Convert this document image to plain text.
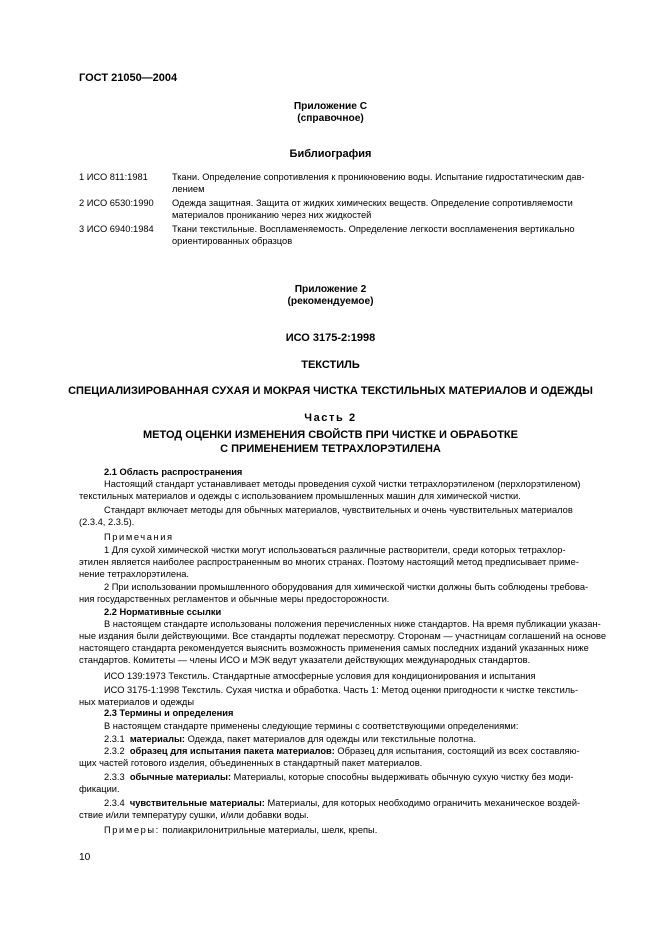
ГОСТ 21050—2004
Приложение С
(справочное)
Библиография
1 ИСО 811:1981	Ткани. Определение сопротивления к проникновению воды. Испытание гидростатическим дав-
лением
2 ИСО 6530:1990 Одежда защитная. Защита от жидких химических веществ. Определение сопротивляемости
материалов прониканию через них жидкостей
3 ИСО 6940:1984 Ткани текстильные. Воспламеняемость. Определение легкости воспламенения вертикально
ориентированных образцов
Приложение 2
(рекомендуемое)
ИСО 3175-2:1998
ТЕКСТИЛЬ
СПЕЦИАЛИЗИРОВАННАЯ СУХАЯ И МОКРАЯ ЧИСТКА ТЕКСТИЛЬНЫХ МАТЕРИАЛОВ И ОДЕЖДЫ
Часть 2
МЕТОД ОЦЕНКИ ИЗМЕНЕНИЯ СВОЙСТВ ПРИ ЧИСТКЕ И ОБРАБОТКЕ
С ПРИМЕНЕНИЕМ ТЕТРАХЛОРЭТИЛЕНА
2.1 Область распространения
Настоящий стандарт устанавливает методы проведения сухой чистки тетрахлорэтиленом (перхлорэтиленом)
текстильных материалов и одежды с использованием промышленных машин для химической чистки.
Стандарт включает методы для обычных материалов, чувствительных и очень чувствительных материалов
(2.3.4, 2.3.5).
Примечания
1 Для сухой химической чистки могут использоваться различные растворители, среди которых тетрахлор-
этилен является наиболее распространенным во многих странах. Поэтому настоящий метод предписывает приме-
нение тетрахлорэтилена.
2 При использовании промышленного оборудования для химической чистки должны быть соблюдены требова-
ния государственных регламентов и обычные меры предосторожности.
2.2 Нормативные ссылки
В настоящем стандарте использованы положения перечисленных ниже стандартов. На время публикации указан-
ные издания были действующими. Все стандарты подлежат пересмотру. Сторонам — участницам соглашений на основе
настоящего стандарта рекомендуется выяснить возможность применения самых последних изданий указанных ниже
стандартов. Комитеты — члены ИСО и МЭК ведут указатели действующих международных стандартов.
ИСО 139:1973 Текстиль. Стандартные атмосферные условия для кондиционирования и испытания
ИСО 3175-1:1998 Текстиль. Сухая чистка и обработка. Часть 1: Метод оценки пригодности к чистке текстиль-
ных материалов и одежды
2.3 Термины и определения
В настоящем стандарте применены следующие термины с соответствующими определениями:
2.3.1 материалы: Одежда, пакет материалов для одежды или текстильные полотна.
2.3.2 образец для испытания пакета материалов: Образец для испытания, состоящий из всех составляю-
щих частей готового изделия, объединенных в стандартный пакет материалов.
2.3.3 обычные материалы: Материалы, которые способны выдерживать обычную сухую чистку без моди-
фикации.
2.3.4 чувствительные материалы: Материалы, для которых необходимо ограничить механическое воздей-
ствие и/или температуру сушки, и/или добавки воды.
Примеры: полиакрилонитрильные материалы, шелк, крепы.
10
